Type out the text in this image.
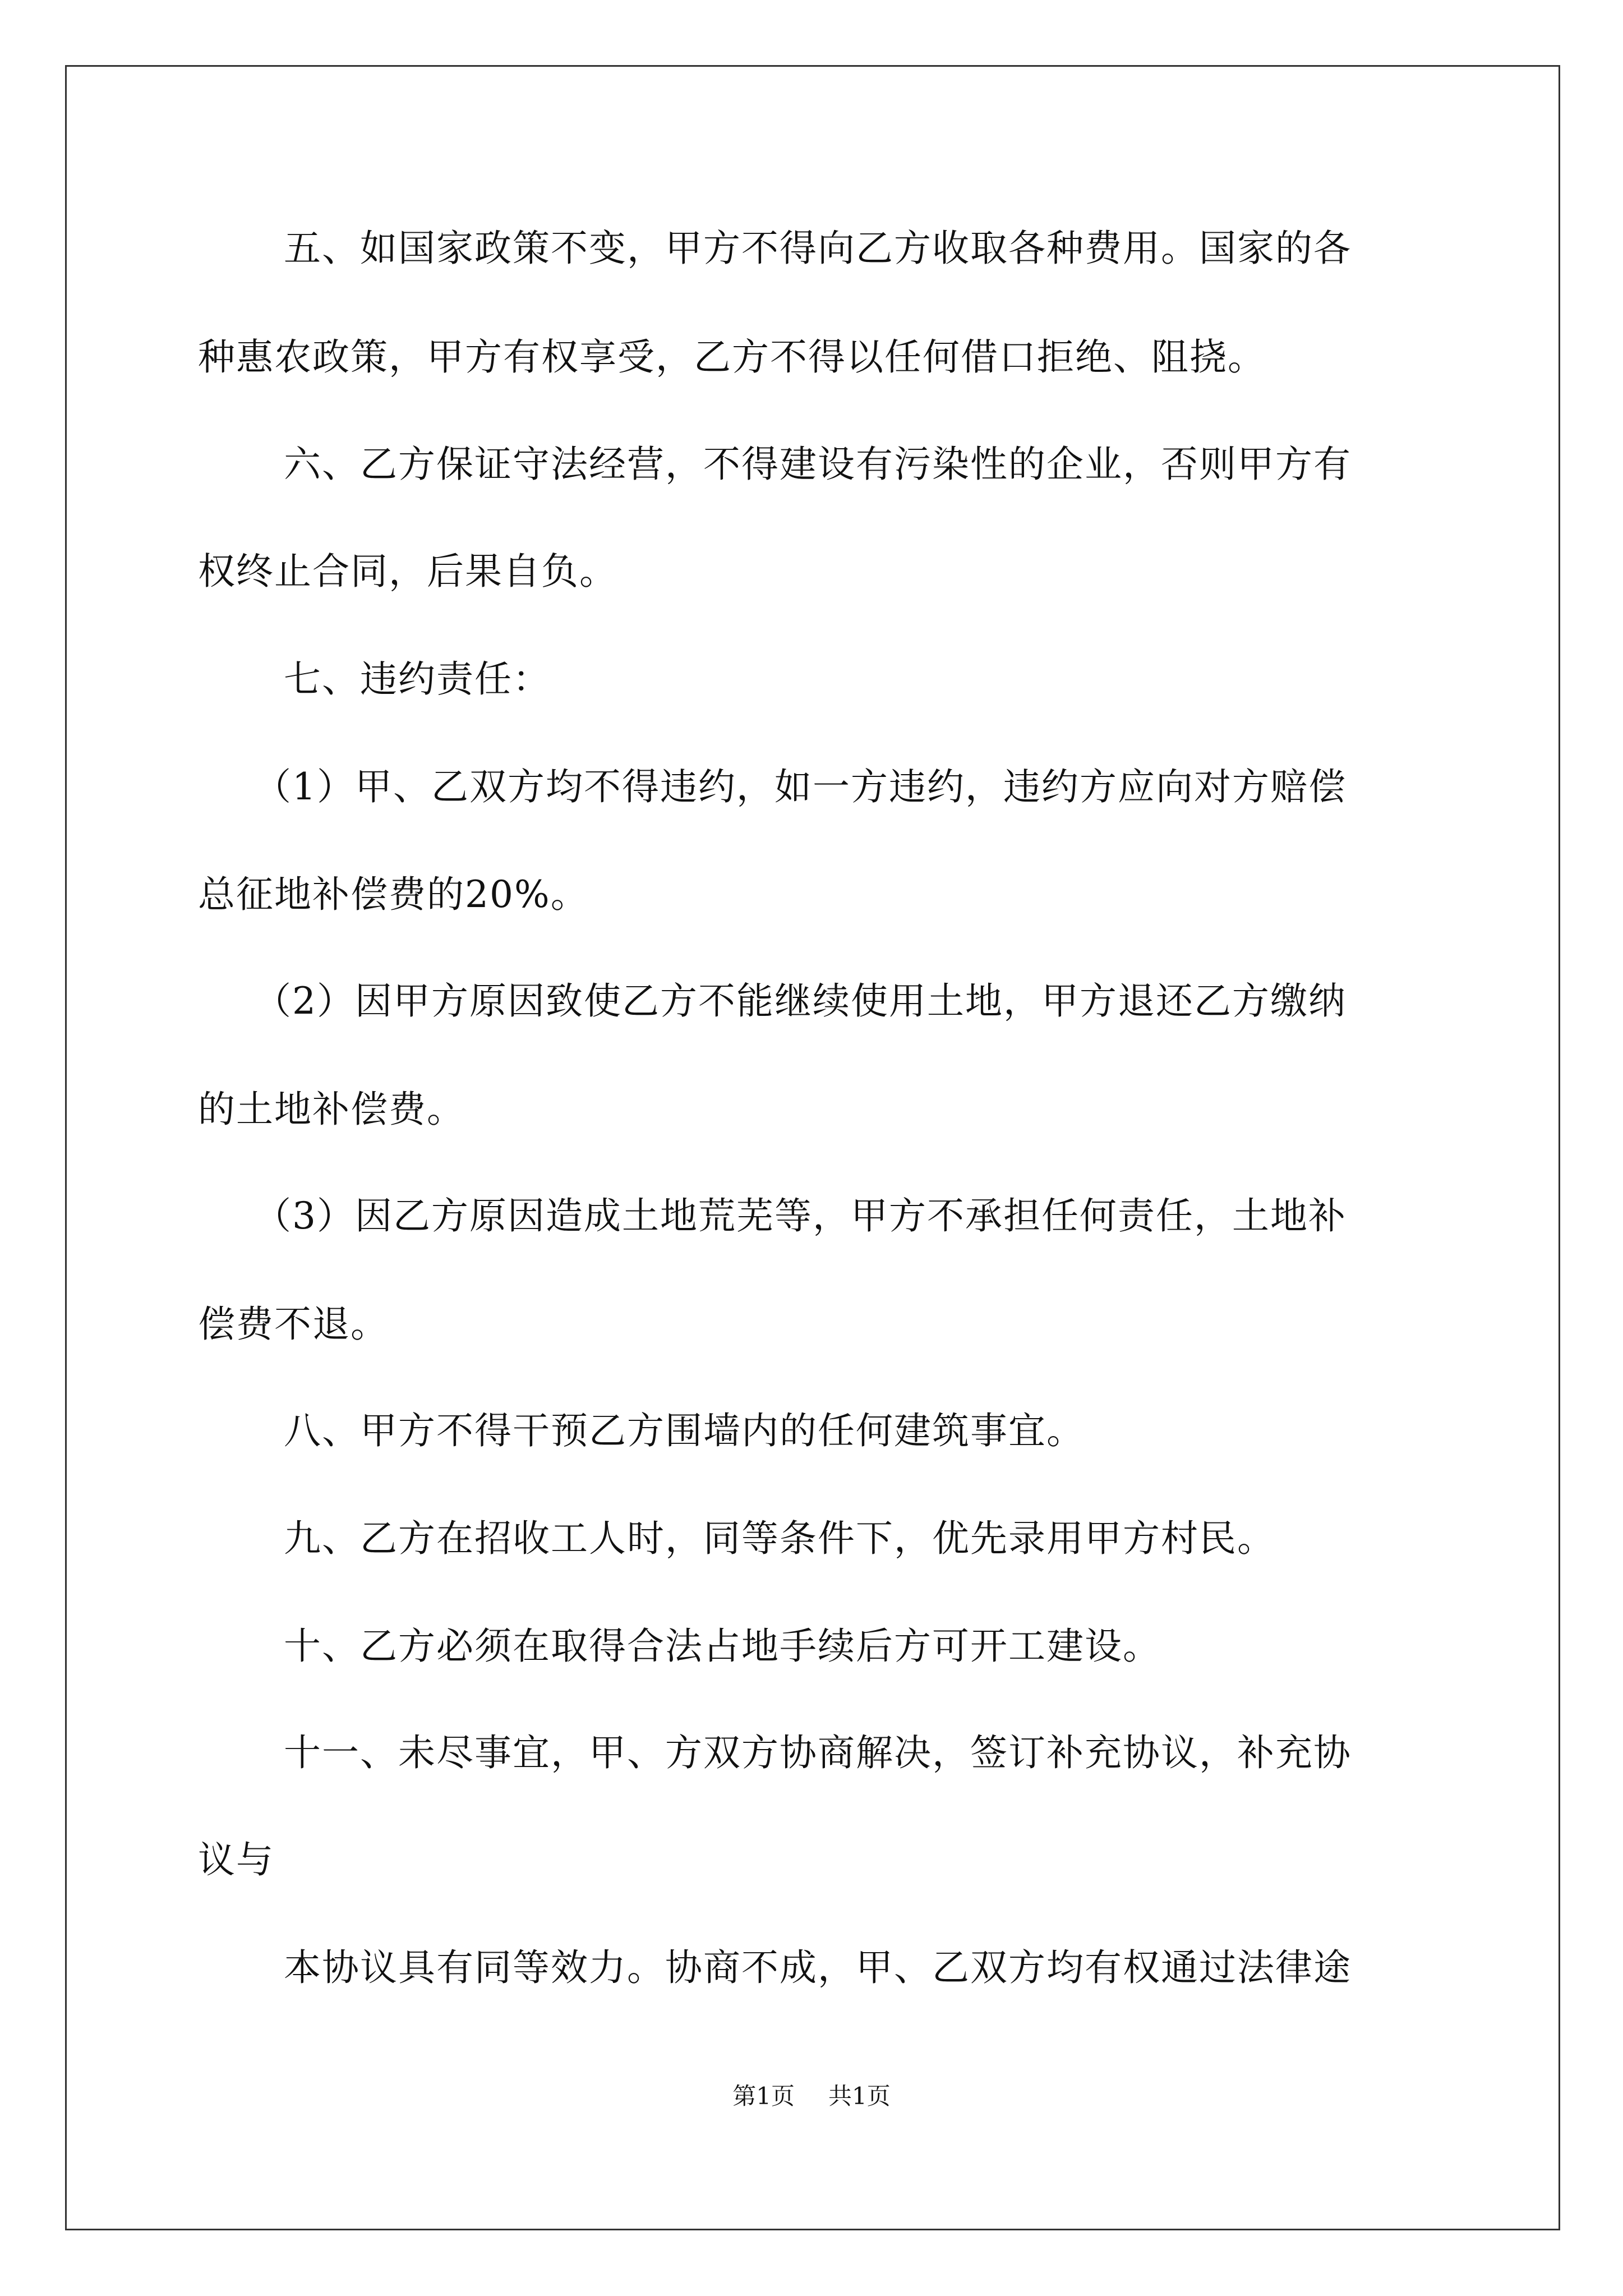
五、如国家政策不变，甲方不得向乙方收取各种费用。国家的各
种惠农政策，甲方有权享受，乙方不得以任何借口拒绝、阻挠。
六、乙方保证守法经营，不得建设有污染性的企业，否则甲方有
权终止合同，后果自负。
七、违约责任：
（1）甲、乙双方均不得违约，如一方违约，违约方应向对方赔偿
总征地补偿费的20%。
（2）因甲方原因致使乙方不能继续使用土地，甲方退还乙方缴纳
的土地补偿费。
（3）因乙方原因造成土地荒芜等，甲方不承担任何责任，土地补
偿费不退。
八、甲方不得干预乙方围墙内的任何建筑事宜。
九、乙方在招收工人时，同等条件下，优先录用甲方村民。
十、乙方必须在取得合法占地手续后方可开工建设。
十一、未尽事宜，甲、方双方协商解决，签订补充协议，补充协
议与
本协议具有同等效力。协商不成，甲、乙双方均有权通过法律途
第1页 共1页
